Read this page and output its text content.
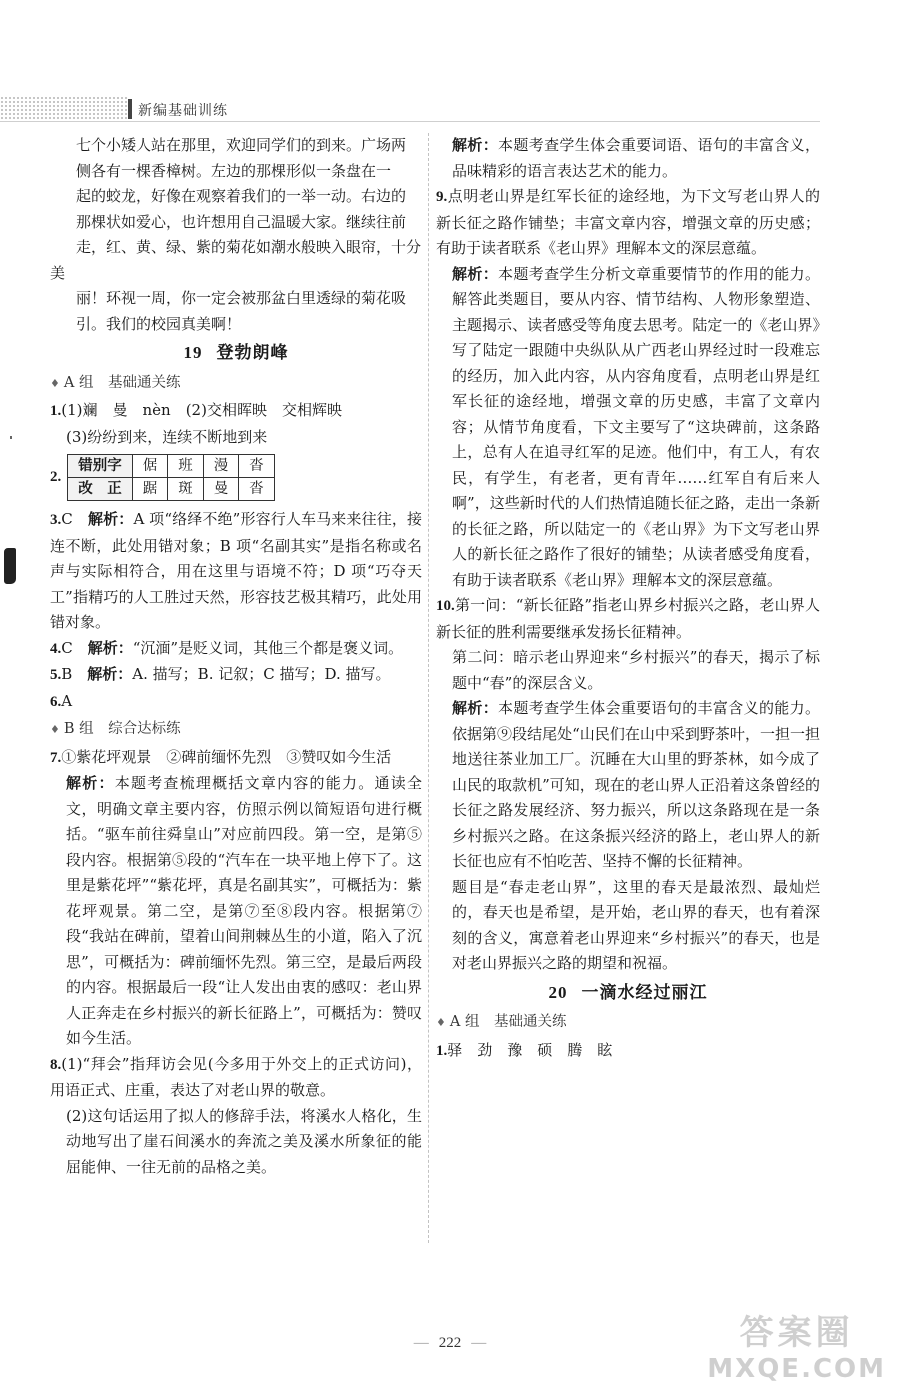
新编基础训练
七个小矮人站在那里，欢迎同学们的到来。广场两
侧各有一棵香樟树。左边的那棵形似一条盘在一
起的蛟龙，好像在观察着我们的一举一动。右边的
那棵状如爱心，也许想用自己温暖大家。继续往前
走，红、黄、绿、紫的菊花如潮水般映入眼帘，十分美
丽！环视一周，你一定会被那盆白里透绿的菊花吸
引。我们的校园真美啊！
19 登勃朗峰
♦ A 组　基础通关练

1.(1)斓　曼　nèn　(2)交相晖映　交相辉映

(3)纷纷到来，连续不断地到来

2.
错别字	倨	班	漫	沓
改　正	踞	斑	曼	沓

3.C　解析：A 项“络绎不绝”形容行人车马来来往往，接连不断，此处用错对象；B 项“名副其实”是指名称或名声与实际相符合，用在这里与语境不符；D 项“巧夺天工”指精巧的人工胜过天然，形容技艺极其精巧，此处用错对象。

4.C　解析：“沉湎”是贬义词，其他三个都是褒义词。

5.B　解析：A. 描写；B. 记叙；C 描写；D. 描写。

6.A

♦ B 组　综合达标练

7.①紫花坪观景　②碑前缅怀先烈　③赞叹如今生活

解析：本题考查梳理概括文章内容的能力。通读全文，明确文章主要内容，仿照示例以简短语句进行概括。“驱车前往舜皇山”对应前四段。第一空，是第⑤段内容。根据第⑤段的“汽车在一块平地上停下了。这里是紫花坪”“紫花坪，真是名副其实”，可概括为：紫花坪观景。第二空，是第⑦至⑧段内容。根据第⑦段“我站在碑前，望着山间荆棘丛生的小道，陷入了沉思”，可概括为：碑前缅怀先烈。第三空，是最后两段的内容。根据最后一段“让人发出由衷的感叹：老山界人正奔走在乡村振兴的新长征路上”，可概括为：赞叹如今生活。

8.(1)“拜会”指拜访会见(今多用于外交上的正式访问)，用语正式、庄重，表达了对老山界的敬意。

(2)这句话运用了拟人的修辞手法，将溪水人格化，生动地写出了崖石间溪水的奔流之美及溪水所象征的能屈能伸、一往无前的品格之美。

解析：本题考查学生体会重要词语、语句的丰富含义，品味精彩的语言表达艺术的能力。

9.点明老山界是红军长征的途经地，为下文写老山界人的新长征之路作铺垫；丰富文章内容，增强文章的历史感；有助于读者联系《老山界》理解本文的深层意蕴。

解析：本题考查学生分析文章重要情节的作用的能力。解答此类题目，要从内容、情节结构、人物形象塑造、主题揭示、读者感受等角度去思考。陆定一的《老山界》写了陆定一跟随中央纵队从广西老山界经过时一段难忘的经历，加入此内容，从内容角度看，点明老山界是红军长征的途经地，增强文章的历史感，丰富了文章内容；从情节角度看，下文主要写了“这块碑前，这条路上，总有人在追寻红军的足迹。他们中，有工人，有农民，有学生，有老者，更有青年……红军自有后来人啊”，这些新时代的人们热情追随长征之路，走出一条新的长征之路，所以陆定一的《老山界》为下文写老山界人的新长征之路作了很好的铺垫；从读者感受角度看，有助于读者联系《老山界》理解本文的深层意蕴。

10.第一问：“新长征路”指老山界乡村振兴之路，老山界人新长征的胜利需要继承发扬长征精神。

第二问：暗示老山界迎来“乡村振兴”的春天，揭示了标题中“春”的深层含义。

解析：本题考查学生体会重要语句的丰富含义的能力。依据第⑨段结尾处“山民们在山中采到野茶叶，一担一担地送往茶业加工厂。沉睡在大山里的野茶林，如今成了山民的取款机”可知，现在的老山界人正沿着这条曾经的长征之路发展经济、努力振兴，所以这条路现在是一条乡村振兴之路。在这条振兴经济的路上，老山界人的新长征也应有不怕吃苦、坚持不懈的长征精神。

题目是“春走老山界”，这里的春天是最浓烈、最灿烂的，春天也是希望，是开始，老山界的春天，也有着深刻的含义，寓意着老山界迎来“乡村振兴”的春天，也是对老山界振兴之路的期望和祝福。

20 一滴水经过丽江
♦ A 组　基础通关练

1.驿　劲　豫　硕　腾　眩

— 222 —	答案圈
MXQE.COM
